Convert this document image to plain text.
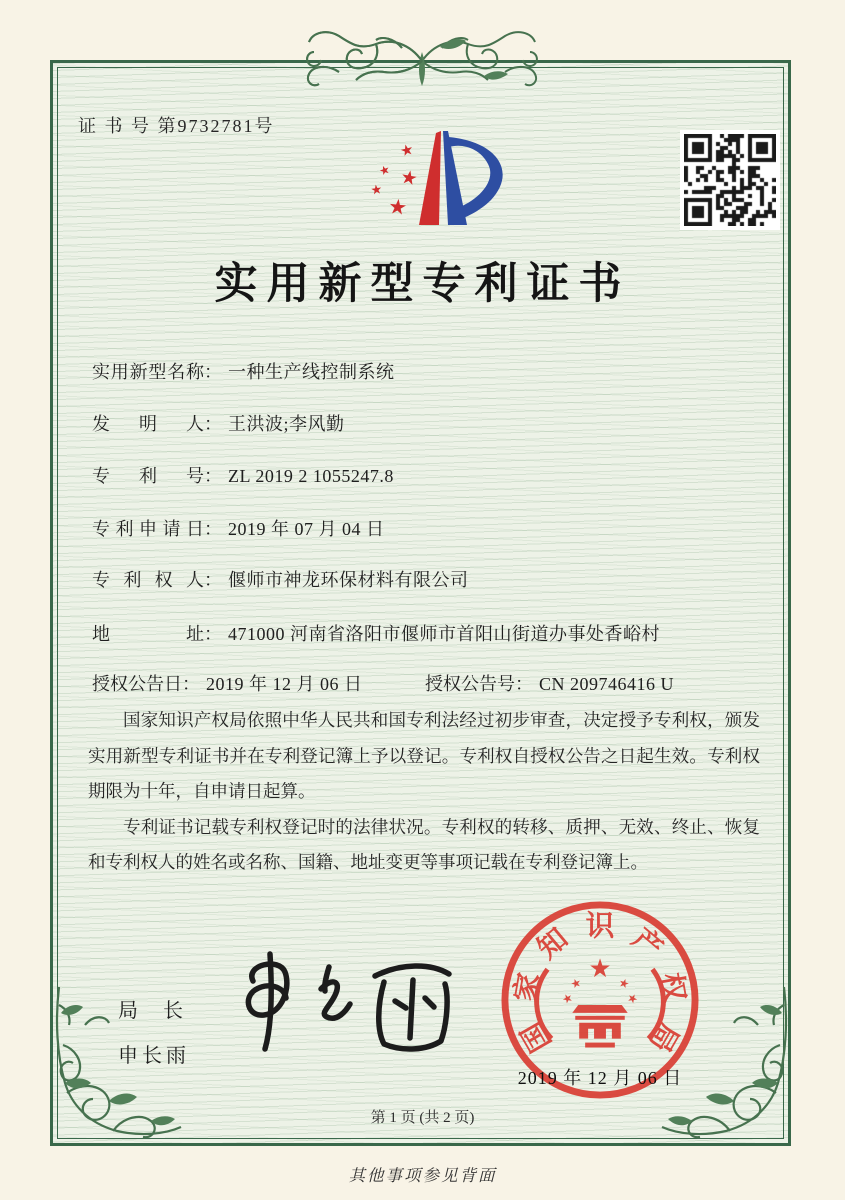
证 书 号 第9732781号
★
★ ★
★
★
实用新型专利证书
实用新型名称： 一种生产线控制系统
发明人： 王洪波;李风勤
专利号： ZL 2019 2 1055247.8
专利申请日： 2019 年 07 月 04 日
专利权人： 偃师市神龙环保材料有限公司
地址： 471000 河南省洛阳市偃师市首阳山街道办事处香峪村
授权公告日： 2019 年 12 月 06 日	授权公告号： CN 209746416 U

国家知识产权局依照中华人民共和国专利法经过初步审查，决定授予专利权，颁发实用新型专利证书并在专利登记簿上予以登记。专利权自授权公告之日起生效。专利权期限为十年，自申请日起算。

专利证书记载专利权登记时的法律状况。专利权的转移、质押、无效、终止、恢复和专利权人的姓名或名称、国籍、地址变更等事项记载在专利登记簿上。

局 长
申长雨	国
家
知 识 产
权
局
★
★	★
★	★
2019 年 12 月 06 日
第 1 页 (共 2 页)
其他事项参见背面
